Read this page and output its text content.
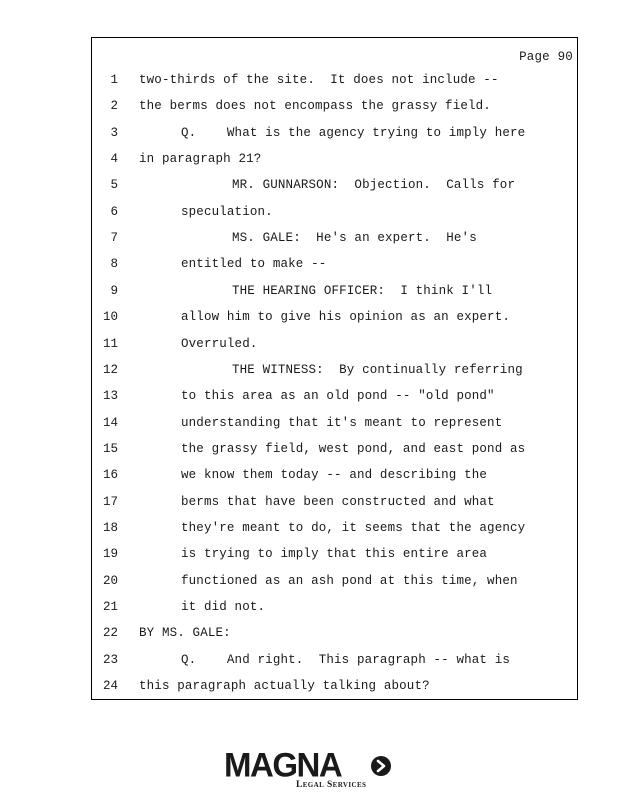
Page 90
1 two-thirds of the site.  It does not include --
2 the berms does not encompass the grassy field.
3	Q.    What is the agency trying to imply here
4 in paragraph 21?
5	MR. GUNNARSON:  Objection.  Calls for
6	speculation.
7	MS. GALE:  He's an expert.  He's
8	entitled to make --
9	THE HEARING OFFICER:  I think I'll
10	allow him to give his opinion as an expert.
11	Overruled.
12	THE WITNESS:  By continually referring
13	to this area as an old pond -- "old pond"
14	understanding that it's meant to represent
15	the grassy field, west pond, and east pond as
16	we know them today -- and describing the
17	berms that have been constructed and what
18	they're meant to do, it seems that the agency
19	is trying to imply that this entire area
20	functioned as an ash pond at this time, when
21	it did not.
22 BY MS. GALE:
23	Q.    And right.  This paragraph -- what is
24 this paragraph actually talking about?
MAGNA
Legal Services
